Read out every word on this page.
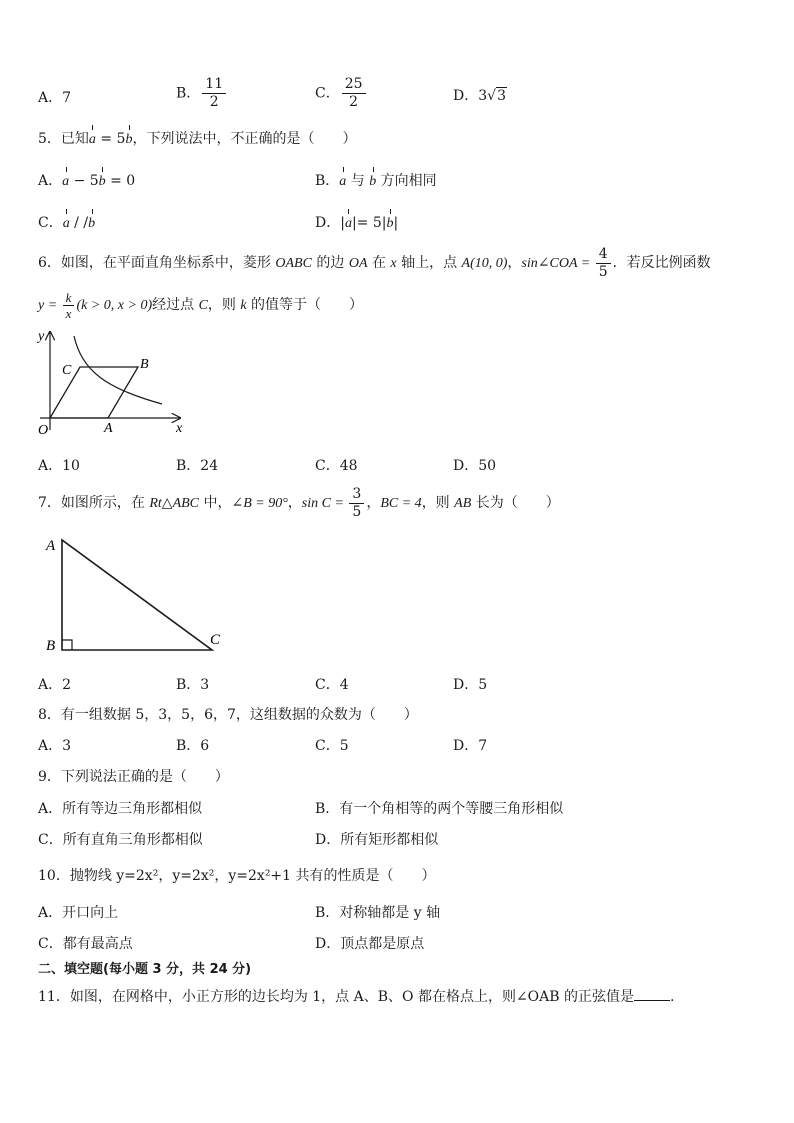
A．7	B． $\frac{11}{2}$	C． $\frac{25}{2}$	D．3√3
5．已知a = 5b，下列说法中，不正确的是（　　）
A．a − 5b = 0	B．a 与 b 方向相同
C．a / /b	D．|a|= 5|b|
6．如图，在平面直角坐标系中，菱形 OABC 的边 OA 在 x 轴上，点 A(10, 0)，sin∠COA = $\frac{4}{5}$ ．若反比例函数
$y = \frac{k}{x} (k > 0$, x > 0)经过点 C，则 k 的值等于（　　）
y
x
O	A
B
C
A．10	B．24	C．48	D．50
7．如图所示，在 Rt△ABC 中，∠B = 90°，$\sin C = \frac{3}{5}$ ，BC = 4，则 AB 长为（　　）
A
B	C
A．2	B．3	C．4	D．5
8．有一组数据 5，3，5，6，7，这组数据的众数为（　　）
A．3	B．6	C．5	D．7
9．下列说法正确的是（　　）
A．所有等边三角形都相似	B．有一个角相等的两个等腰三角形相似
C．所有直角三角形都相似	D．所有矩形都相似
10．抛物线 y=2x²，y=2x²，y=2x²+1 共有的性质是（　　）
A．开口向上	B．对称轴都是 y 轴
C．都有最高点	D．顶点都是原点
二、填空题(每小题 3 分，共 24 分)
11．如图，在网格中，小正方形的边长均为 1，点 A、B、O 都在格点上，则∠OAB 的正弦值是	.
